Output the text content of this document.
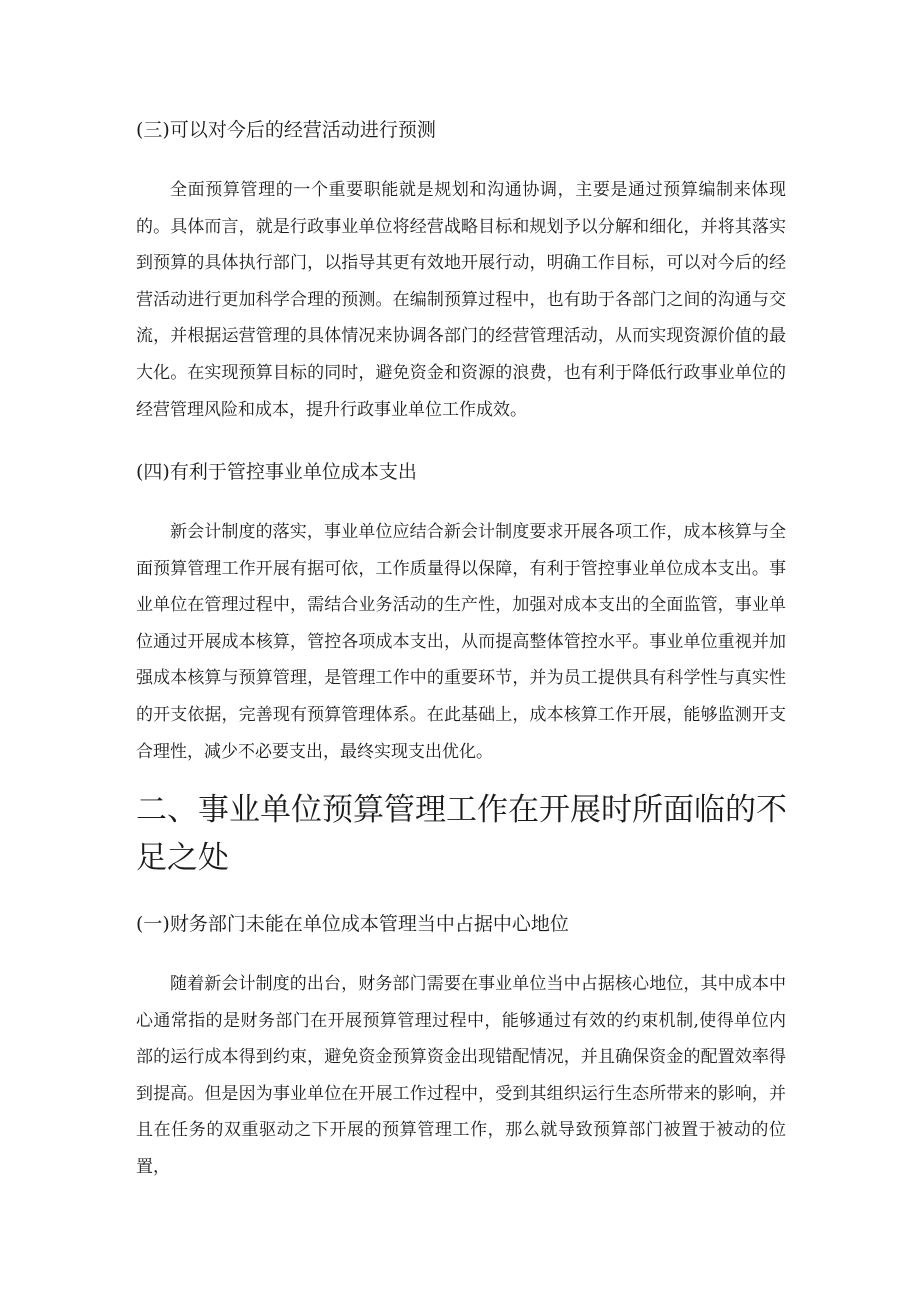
(三)可以对今后的经营活动进行预测

全面预算管理的一个重要职能就是规划和沟通协调，主要是通过预算编制来体现的。具体而言，就是行政事业单位将经营战略目标和规划予以分解和细化，并将其落实到预算的具体执行部门，以指导其更有效地开展行动，明确工作目标，可以对今后的经营活动进行更加科学合理的预测。在编制预算过程中，也有助于各部门之间的沟通与交流，并根据运营管理的具体情况来协调各部门的经营管理活动，从而实现资源价值的最大化。在实现预算目标的同时，避免资金和资源的浪费，也有利于降低行政事业单位的经营管理风险和成本，提升行政事业单位工作成效。

(四)有利于管控事业单位成本支出

新会计制度的落实，事业单位应结合新会计制度要求开展各项工作，成本核算与全面预算管理工作开展有据可依，工作质量得以保障，有利于管控事业单位成本支出。事业单位在管理过程中，需结合业务活动的生产性，加强对成本支出的全面监管，事业单位通过开展成本核算，管控各项成本支出，从而提高整体管控水平。事业单位重视并加强成本核算与预算管理，是管理工作中的重要环节，并为员工提供具有科学性与真实性的开支依据，完善现有预算管理体系。在此基础上，成本核算工作开展，能够监测开支合理性，减少不必要支出，最终实现支出优化。

二、事业单位预算管理工作在开展时所面临的不足之处
(一)财务部门未能在单位成本管理当中占据中心地位

随着新会计制度的出台，财务部门需要在事业单位当中占据核心地位，其中成本中心通常指的是财务部门在开展预算管理过程中，能够通过有效的约束机制,使得单位内部的运行成本得到约束，避免资金预算资金出现错配情况，并且确保资金的配置效率得到提高。但是因为事业单位在开展工作过程中，受到其组织运行生态所带来的影响，并且在任务的双重驱动之下开展的预算管理工作，那么就导致预算部门被置于被动的位置，
